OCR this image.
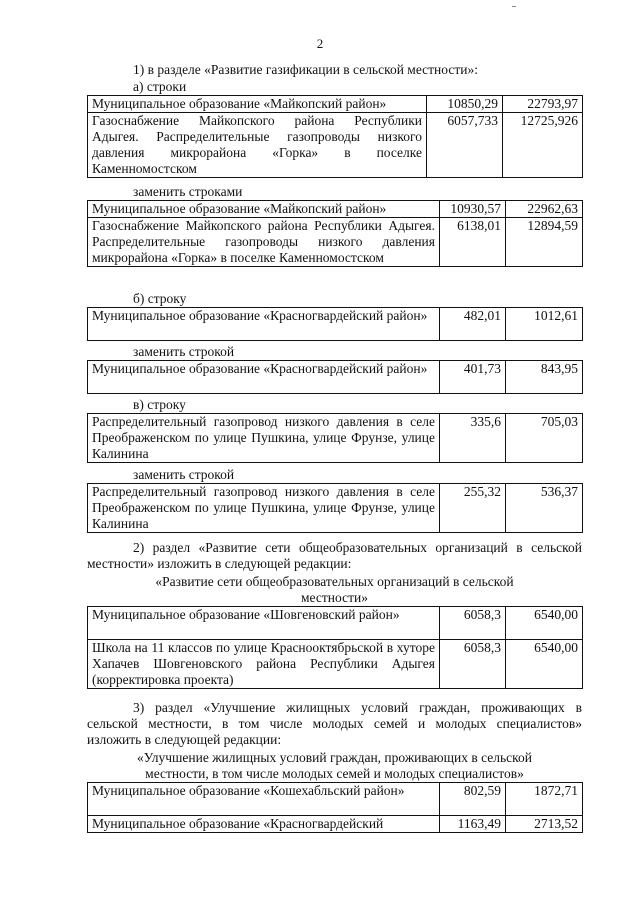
2
1) в разделе «Развитие газификации в сельской местности»:
а) строки
Муниципальное образование «Майкопский район»	10850,29	22793,97
Газоснабжение Майкопского района Республики Адыгея. Распределительные газопроводы низкого давления микрорайона «Горка» в поселке Каменномостском	6057,733	12725,926
заменить строками
Муниципальное образование «Майкопский район»	10930,57	22962,63
Газоснабжение Майкопского района Республики Адыгея. Распределительные газопроводы низкого давления микрорайона «Горка» в поселке Каменномостском	6138,01	12894,59
б) строку
Муниципальное образование «Красногвардейский район»	482,01	1012,61
заменить строкой
Муниципальное образование «Красногвардейский район»	401,73	843,95
в) строку
Распределительный газопровод низкого давления в селе Преображенском по улице Пушкина, улице Фрунзе, улице Калинина	335,6	705,03
заменить строкой
Распределительный газопровод низкого давления в селе Преображенском по улице Пушкина, улице Фрунзе, улице Калинина	255,32	536,37
2) раздел «Развитие сети общеобразовательных организаций в сельской местности» изложить в следующей редакции:
«Развитие сети общеобразовательных организаций в сельской
местности»
Муниципальное образование «Шовгеновский район»	6058,3	6540,00
Школа на 11 классов по улице Краснооктябрьской в хуторе Хапачев Шовгеновского района Республики Адыгея (корректировка проекта)	6058,3	6540,00
3) раздел «Улучшение жилищных условий граждан, проживающих в
сельской местности, в том числе молодых семей и молодых специалистов»
изложить в следующей редакции:
«Улучшение жилищных условий граждан, проживающих в сельской
местности, в том числе молодых семей и молодых специалистов»
Муниципальное образование «Кошехабльский район»	802,59	1872,71
Муниципальное образование «Красногвардейский	1163,49	2713,52
